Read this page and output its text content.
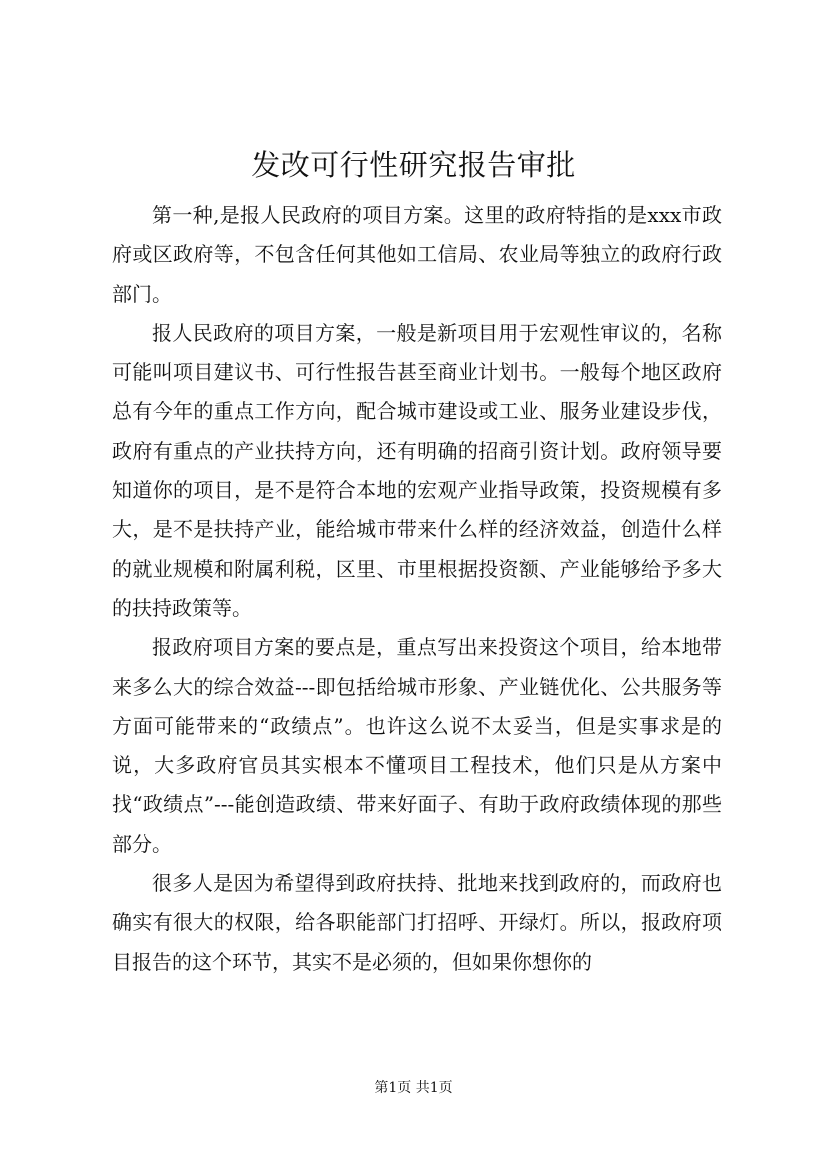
发改可行性研究报告审批

第一种,是报人民政府的项目方案。这里的政府特指的是xxx市政府或区政府等，不包含任何其他如工信局、农业局等独立的政府行政部门。

报人民政府的项目方案，一般是新项目用于宏观性审议的，名称可能叫项目建议书、可行性报告甚至商业计划书。一般每个地区政府总有今年的重点工作方向，配合城市建设或工业、服务业建设步伐，政府有重点的产业扶持方向，还有明确的招商引资计划。政府领导要知道你的项目，是不是符合本地的宏观产业指导政策，投资规模有多大，是不是扶持产业，能给城市带来什么样的经济效益，创造什么样的就业规模和附属利税，区里、市里根据投资额、产业能够给予多大的扶持政策等。

报政府项目方案的要点是，重点写出来投资这个项目，给本地带来多么大的综合效益---即包括给城市形象、产业链优化、公共服务等方面可能带来的“政绩点”。也许这么说不太妥当，但是实事求是的说，大多政府官员其实根本不懂项目工程技术，他们只是从方案中找“政绩点”---能创造政绩、带来好面子、有助于政府政绩体现的那些部分。

很多人是因为希望得到政府扶持、批地来找到政府的，而政府也确实有很大的权限，给各职能部门打招呼、开绿灯。所以，报政府项目报告的这个环节，其实不是必须的，但如果你想你的

第1页 共1页
